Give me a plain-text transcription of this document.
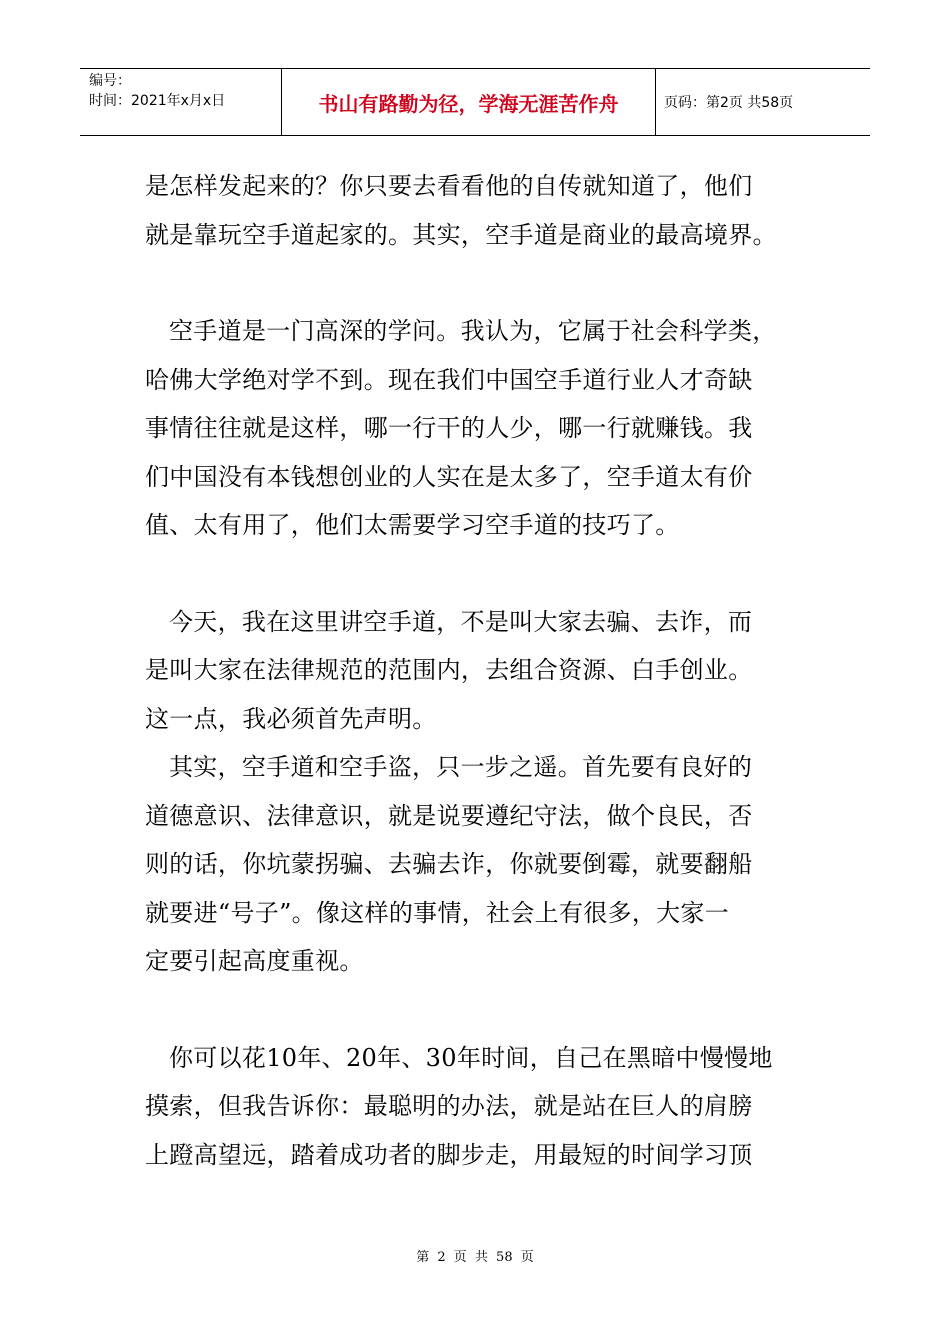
编号：
时间：2021年x月x日	书山有路勤为径，学海无涯苦作舟	页码：第2页 共58页

是怎样发起来的？你只要去看看他的自传就知道了，他们

就是靠玩空手道起家的。其实，空手道是商业的最高境界。

空手道是一门高深的学问。我认为，它属于社会科学类，

哈佛大学绝对学不到。现在我们中国空手道行业人才奇缺

事情往往就是这样，哪一行干的人少，哪一行就赚钱。我

们中国没有本钱想创业的人实在是太多了，空手道太有价

值、太有用了，他们太需要学习空手道的技巧了。

今天，我在这里讲空手道，不是叫大家去骗、去诈，而

是叫大家在法律规范的范围内，去组合资源、白手创业。

这一点，我必须首先声明。

其实，空手道和空手盗，只一步之遥。首先要有良好的

道德意识、法律意识，就是说要遵纪守法，做个良民，否

则的话，你坑蒙拐骗、去骗去诈，你就要倒霉，就要翻船

就要进“号子”。像这样的事情，社会上有很多，大家一

定要引起高度重视。

你可以花10年、20年、30年时间，自己在黑暗中慢慢地

摸索，但我告诉你：最聪明的办法，就是站在巨人的肩膀

上蹬高望远，踏着成功者的脚步走，用最短的时间学习顶

第 2 页 共 58 页
